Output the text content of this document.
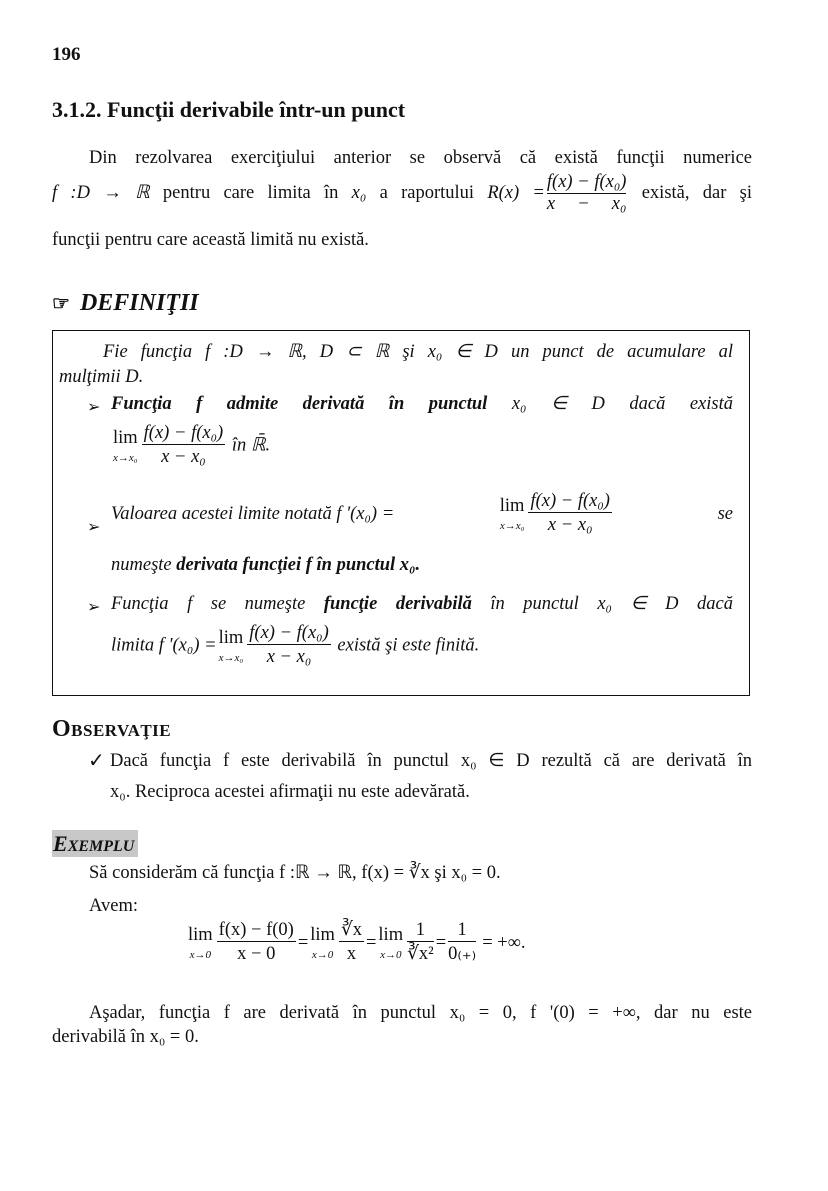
196
3.1.2. Funcţii derivabile într-un punct
Din rezolvarea exerciţiului anterior se observă că există funcţii numerice
f :D → ℝ pentru care limita în x₀ a raportului $R(x) = \frac{\text{f(x) − f(x₀)}}{\text{x − x₀}}$ există, dar şi
funcţii pentru care această limită nu există.
☞ DEFINIŢII
Fie funcţia f :D → ℝ, D ⊂ ℝ şi x₀ ∈ D un punct de acumulare al
mulţimii D.
➢ Funcţia f admite derivată în punctul x₀ ∈ D dacă există
lim
$x\to x_0 \frac{\text{f(x) − f(x₀)}}{\text{x − x₀}}$ în ℝ̄.
➢
Valoarea acestei limite notată f '(x₀) =	lim
$x\to x_0 \frac{\text{f(x) − f(x₀)}}{\text{x − x₀}}$	se
numeşte derivata funcţiei f în punctul x₀.
➢ Funcţia f se numeşte funcţie derivabilă în punctul x₀ ∈ D dacă
limita f '(x₀) = lim
$x\to x_0 \frac{\text{f(x) − f(x₀)}}{\text{x − x₀}}$ există şi este finită.
OBSERVAŢIE
✓ Dacă funcţia f este derivabilă în punctul x₀ ∈ D rezultă că are derivată în
x₀. Reciproca acestei afirmaţii nu este adevărată.
EXEMPLU
Să considerăm că funcţia f :ℝ → ℝ, f(x) = ∛x şi x₀ = 0.
Avem:
lim
$x\to 0 \frac{f(x) - f(0)}{x - 0} = \lim$
$x\to 0 \frac{∛x}{x} = \lim$
$x\to 0 \frac{1}{\text{∛x²}} = \frac{1}{0_{(+)}}$ = +∞.
Aşadar, funcţia f are derivată în punctul x₀ = 0, f '(0) = +∞, dar nu este
derivabilă în x₀ = 0.
